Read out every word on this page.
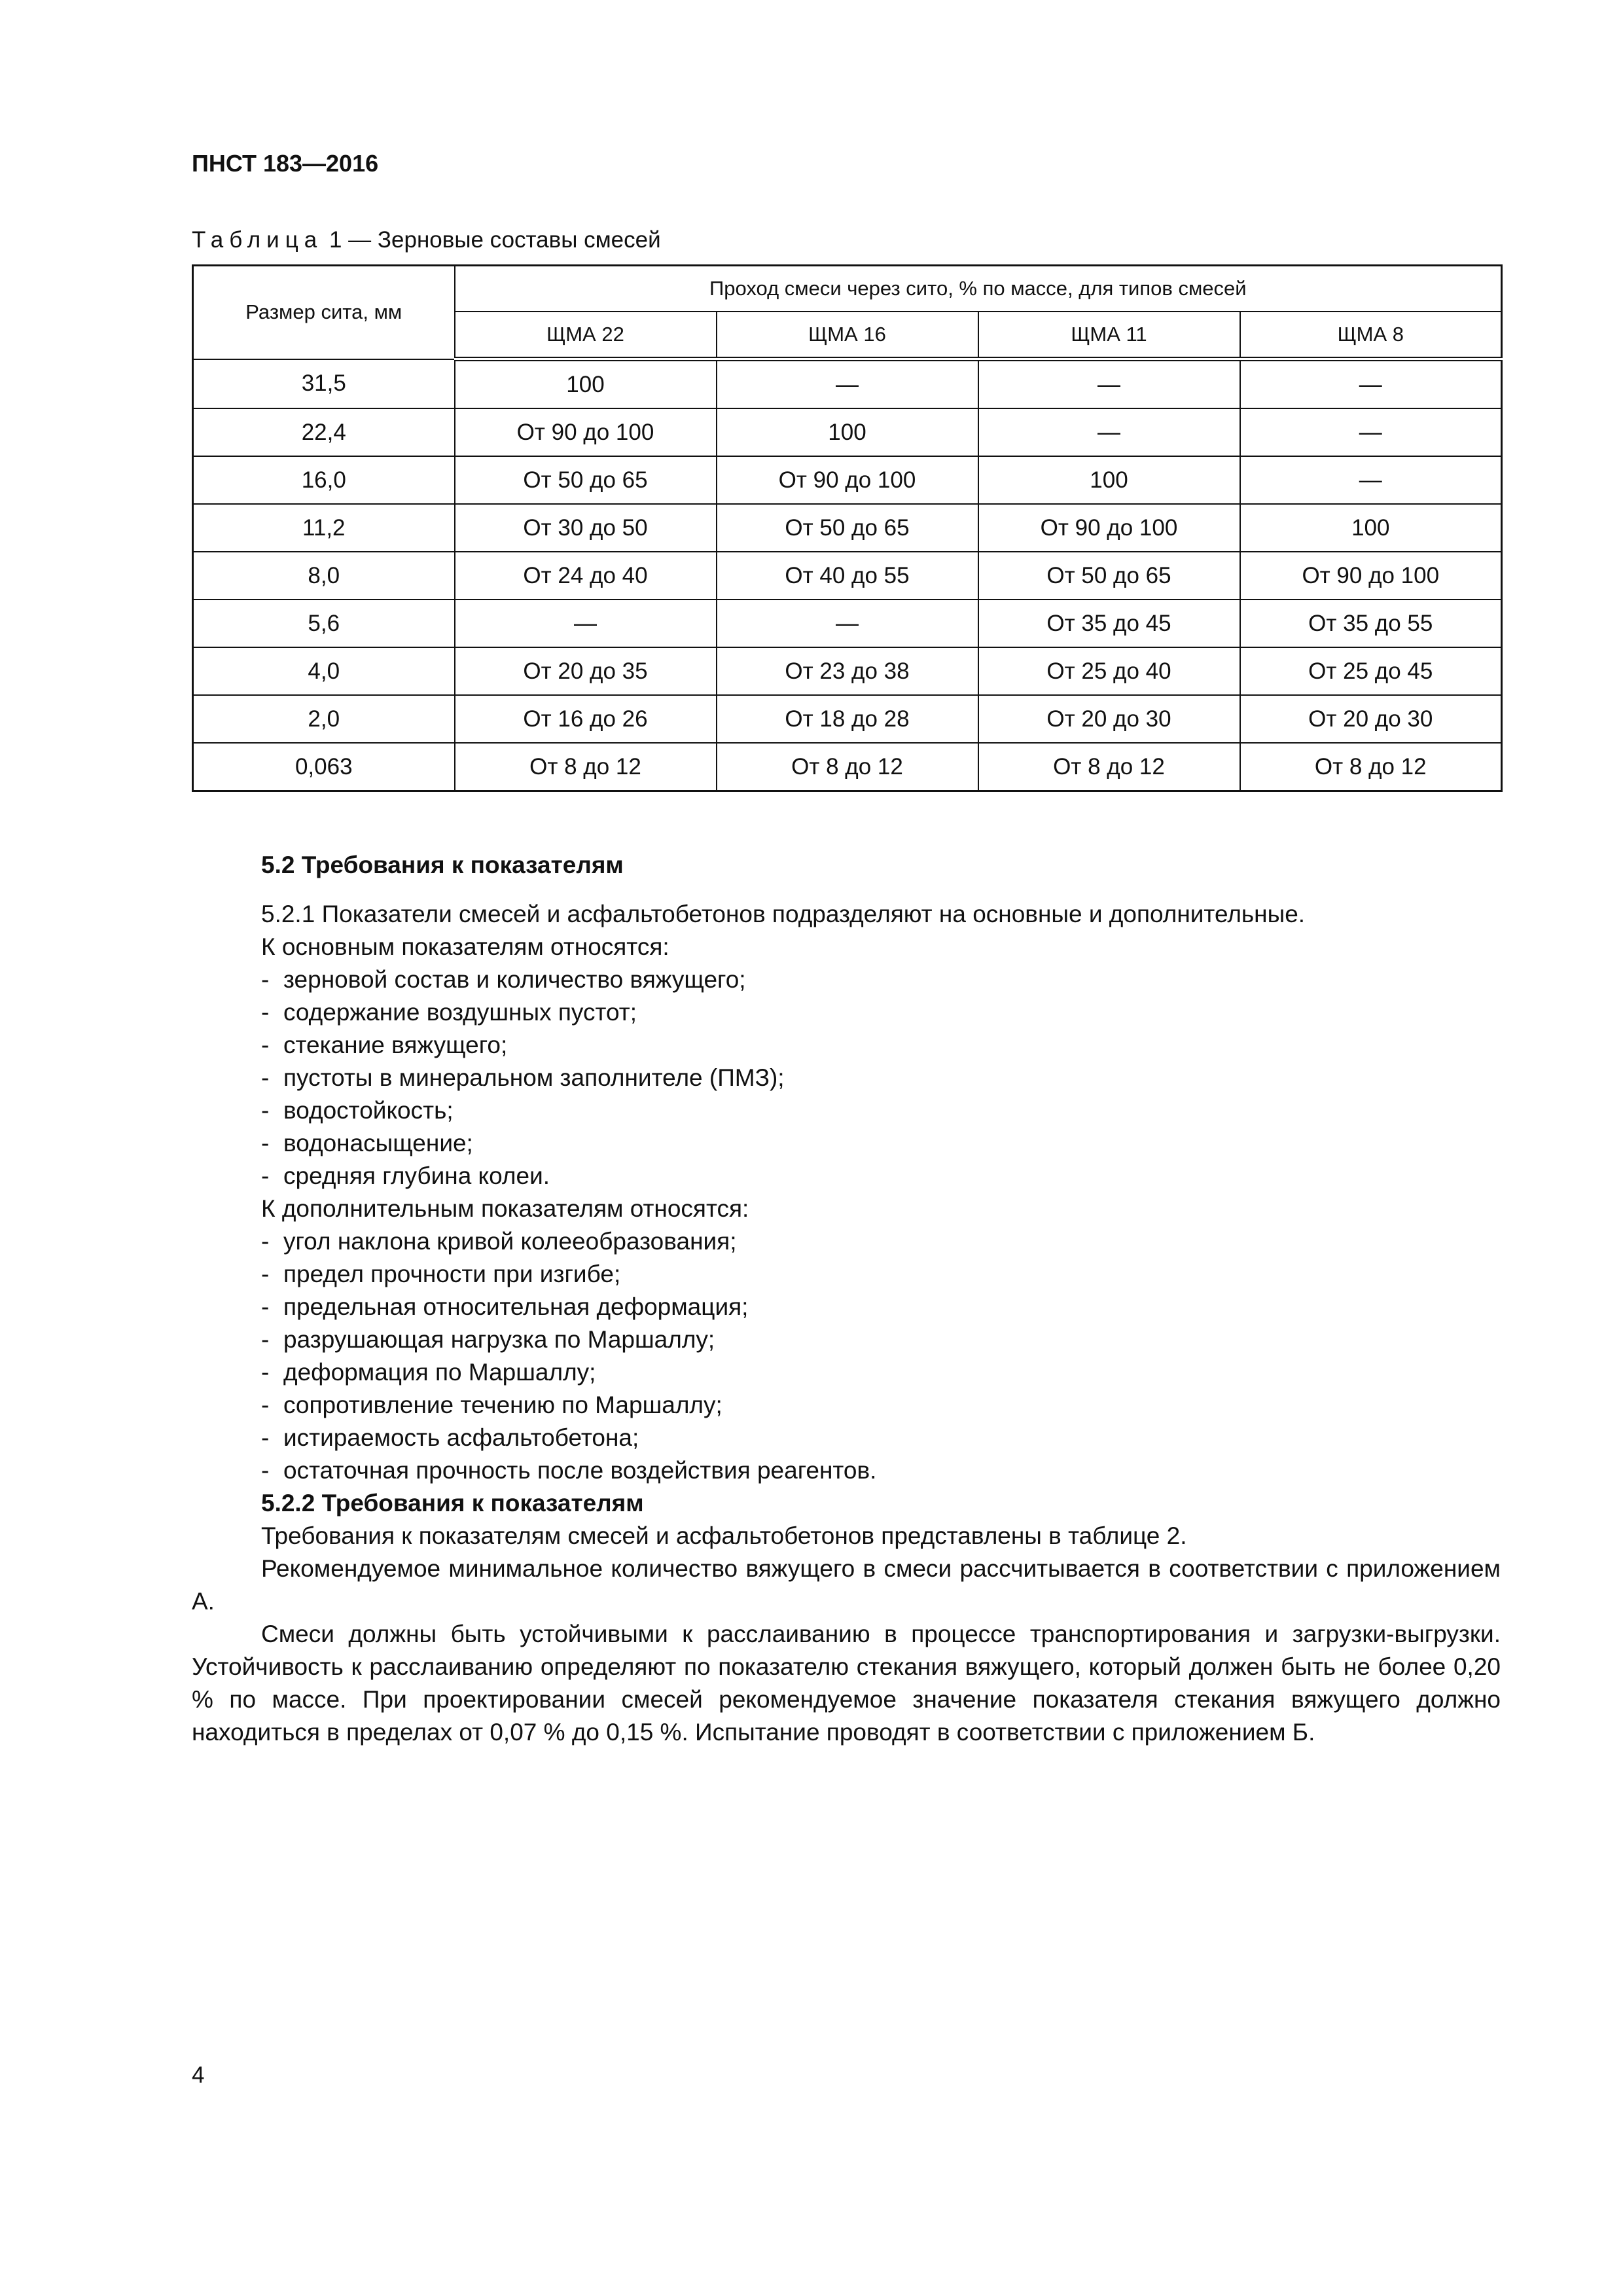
ПНСТ 183—2016
Таблица 1 — Зерновые составы смесей
Размер сита, мм	Проход смеси через сито, % по массе, для типов смесей			
	ЩМА 22	ЩМА 16	ЩМА 11	ЩМА 8
31,5	100	—	—	—
22,4	От 90 до 100	100	—	—
16,0	От 50 до 65	От 90 до 100	100	—
11,2	От 30 до 50	От 50 до 65	От 90 до 100	100
8,0	От 24 до 40	От 40 до 55	От 50 до 65	От 90 до 100
5,6	—	—	От 35 до 45	От 35 до 55
4,0	От 20 до 35	От 23 до 38	От 25 до 40	От 25 до 45
2,0	От 16 до 26	От 18 до 28	От 20 до 30	От 20 до 30
0,063	От 8 до 12	От 8 до 12	От 8 до 12	От 8 до 12
5.2 Требования к показателям
5.2.1 Показатели смесей и асфальтобетонов подразделяют на основные и дополнительные.
К основным показателям относятся:
- зерновой состав и количество вяжущего;
- содержание воздушных пустот;
- стекание вяжущего;
- пустоты в минеральном заполнителе (ПМЗ);
- водостойкость;
- водонасыщение;
- средняя глубина колеи.
К дополнительным показателям относятся:
- угол наклона кривой колееобразования;
- предел прочности при изгибе;
- предельная относительная деформация;
- разрушающая нагрузка по Маршаллу;
- деформация по Маршаллу;
- сопротивление течению по Маршаллу;
- истираемость асфальтобетона;
- остаточная прочность после воздействия реагентов.
5.2.2 Требования к показателям
Требования к показателям смесей и асфальтобетонов представлены в таблице 2.
Рекомендуемое минимальное количество вяжущего в смеси рассчитывается в соответствии с приложением А.
Смеси должны быть устойчивыми к расслаиванию в процессе транспортирования и загрузки-выгрузки. Устойчивость к расслаиванию определяют по показателю стекания вяжущего, который должен быть не более 0,20 % по массе. При проектировании смесей рекомендуемое значение показателя стекания вяжущего должно находиться в пределах от 0,07 % до 0,15 %. Испытание проводят в соответствии с приложением Б.
4
